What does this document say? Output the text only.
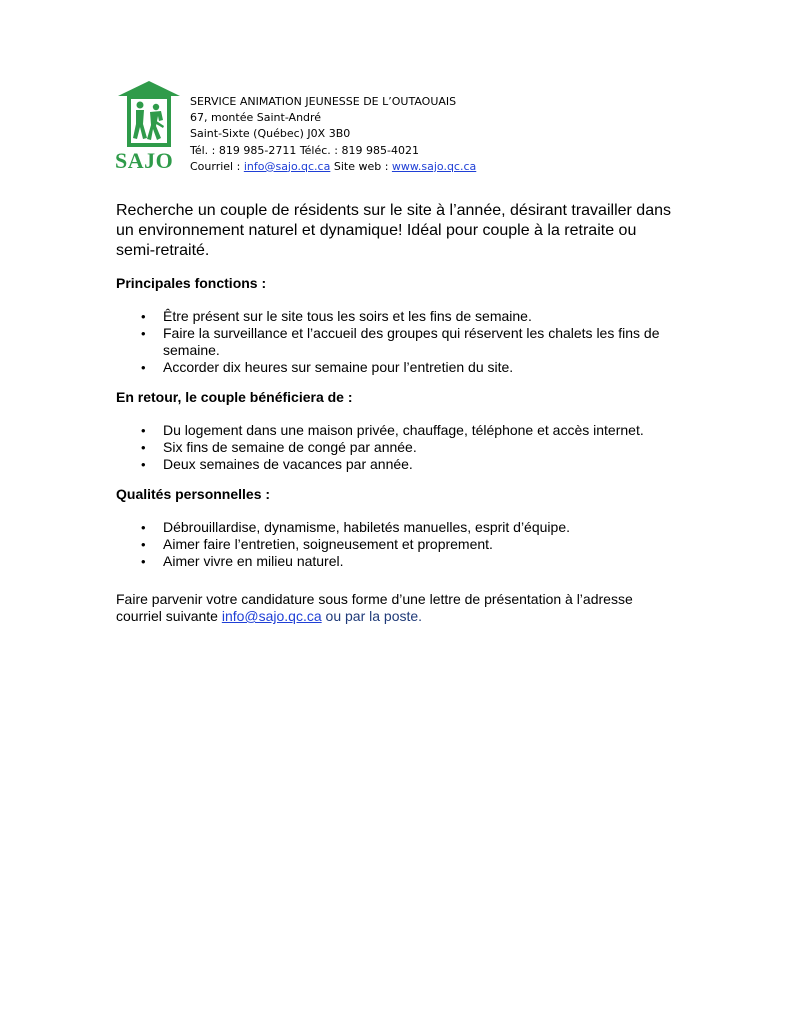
SAJO
SERVICE ANIMATION JEUNESSE DE L’OUTAOUAIS
67, montée Saint-André
Saint-Sixte (Québec) J0X 3B0
Tél. : 819 985-2711 Téléc. : 819 985-4021
Courriel : info@sajo.qc.ca Site web : www.sajo.qc.ca

Recherche un couple de résidents sur le site à l’année, désirant travailler dans un environnement naturel et dynamique! Idéal pour couple à la retraite ou semi-retraité.

Principales fonctions :
• Être présent sur le site tous les soirs et les fins de semaine.
• Faire la surveillance et l’accueil des groupes qui réservent les chalets les fins de semaine.
• Accorder dix heures sur semaine pour l’entretien du site.
En retour, le couple bénéficiera de :
• Du logement dans une maison privée, chauffage, téléphone et accès internet.
• Six fins de semaine de congé par année.
• Deux semaines de vacances par année.
Qualités personnelles :
• Débrouillardise, dynamisme, habiletés manuelles, esprit d’équipe.
• Aimer faire l’entretien, soigneusement et proprement.
• Aimer vivre en milieu naturel.

Faire parvenir votre candidature sous forme d’une lettre de présentation à l’adresse courriel suivante info@sajo.qc.ca ou par la poste.
